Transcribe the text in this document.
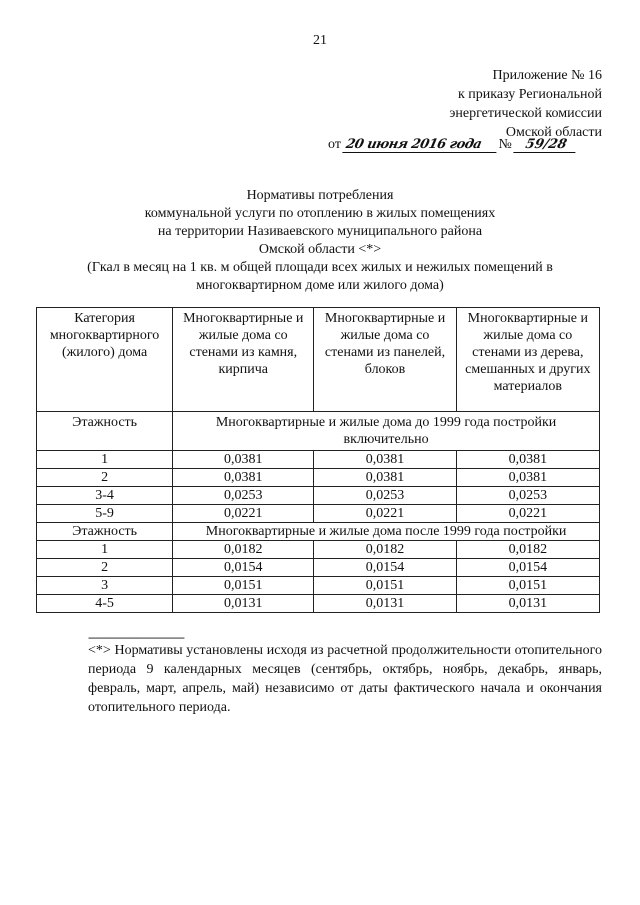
21
Приложение № 16
к приказу Региональной
энергетической комиссии
Омской области
от 20 июня 2016 года № 59/28
Нормативы потребления
коммунальной услуги по отоплению в жилых помещениях
на территории Називаевского муниципального района
Омской области <*>
(Гкал в месяц на 1 кв. м общей площади всех жилых и нежилых помещений в
многоквартирном доме или жилого дома)
Категория многоквартирного (жилого) дома	Многоквартирные и жилые дома со стенами из камня, кирпича	Многоквартирные и жилые дома со стенами из панелей, блоков	Многоквартирные и жилые дома со стенами из дерева, смешанных и других материалов
Этажность	Многоквартирные и жилые дома до 1999 года постройки включительно		
1	0,0381	0,0381	0,0381
2	0,0381	0,0381	0,0381
3-4	0,0253	0,0253	0,0253
5-9	0,0221	0,0221	0,0221
Этажность	Многоквартирные и жилые дома после 1999 года постройки		
1	0,0182	0,0182	0,0182
2	0,0154	0,0154	0,0154
3	0,0151	0,0151	0,0151
4-5	0,0131	0,0131	0,0131
--------------------------------
<*> Нормативы установлены исходя из расчетной продолжительности отопительного периода 9 календарных месяцев (сентябрь, октябрь, ноябрь, декабрь, январь, февраль, март, апрель, май) независимо от даты фактического начала и окончания отопительного периода.
